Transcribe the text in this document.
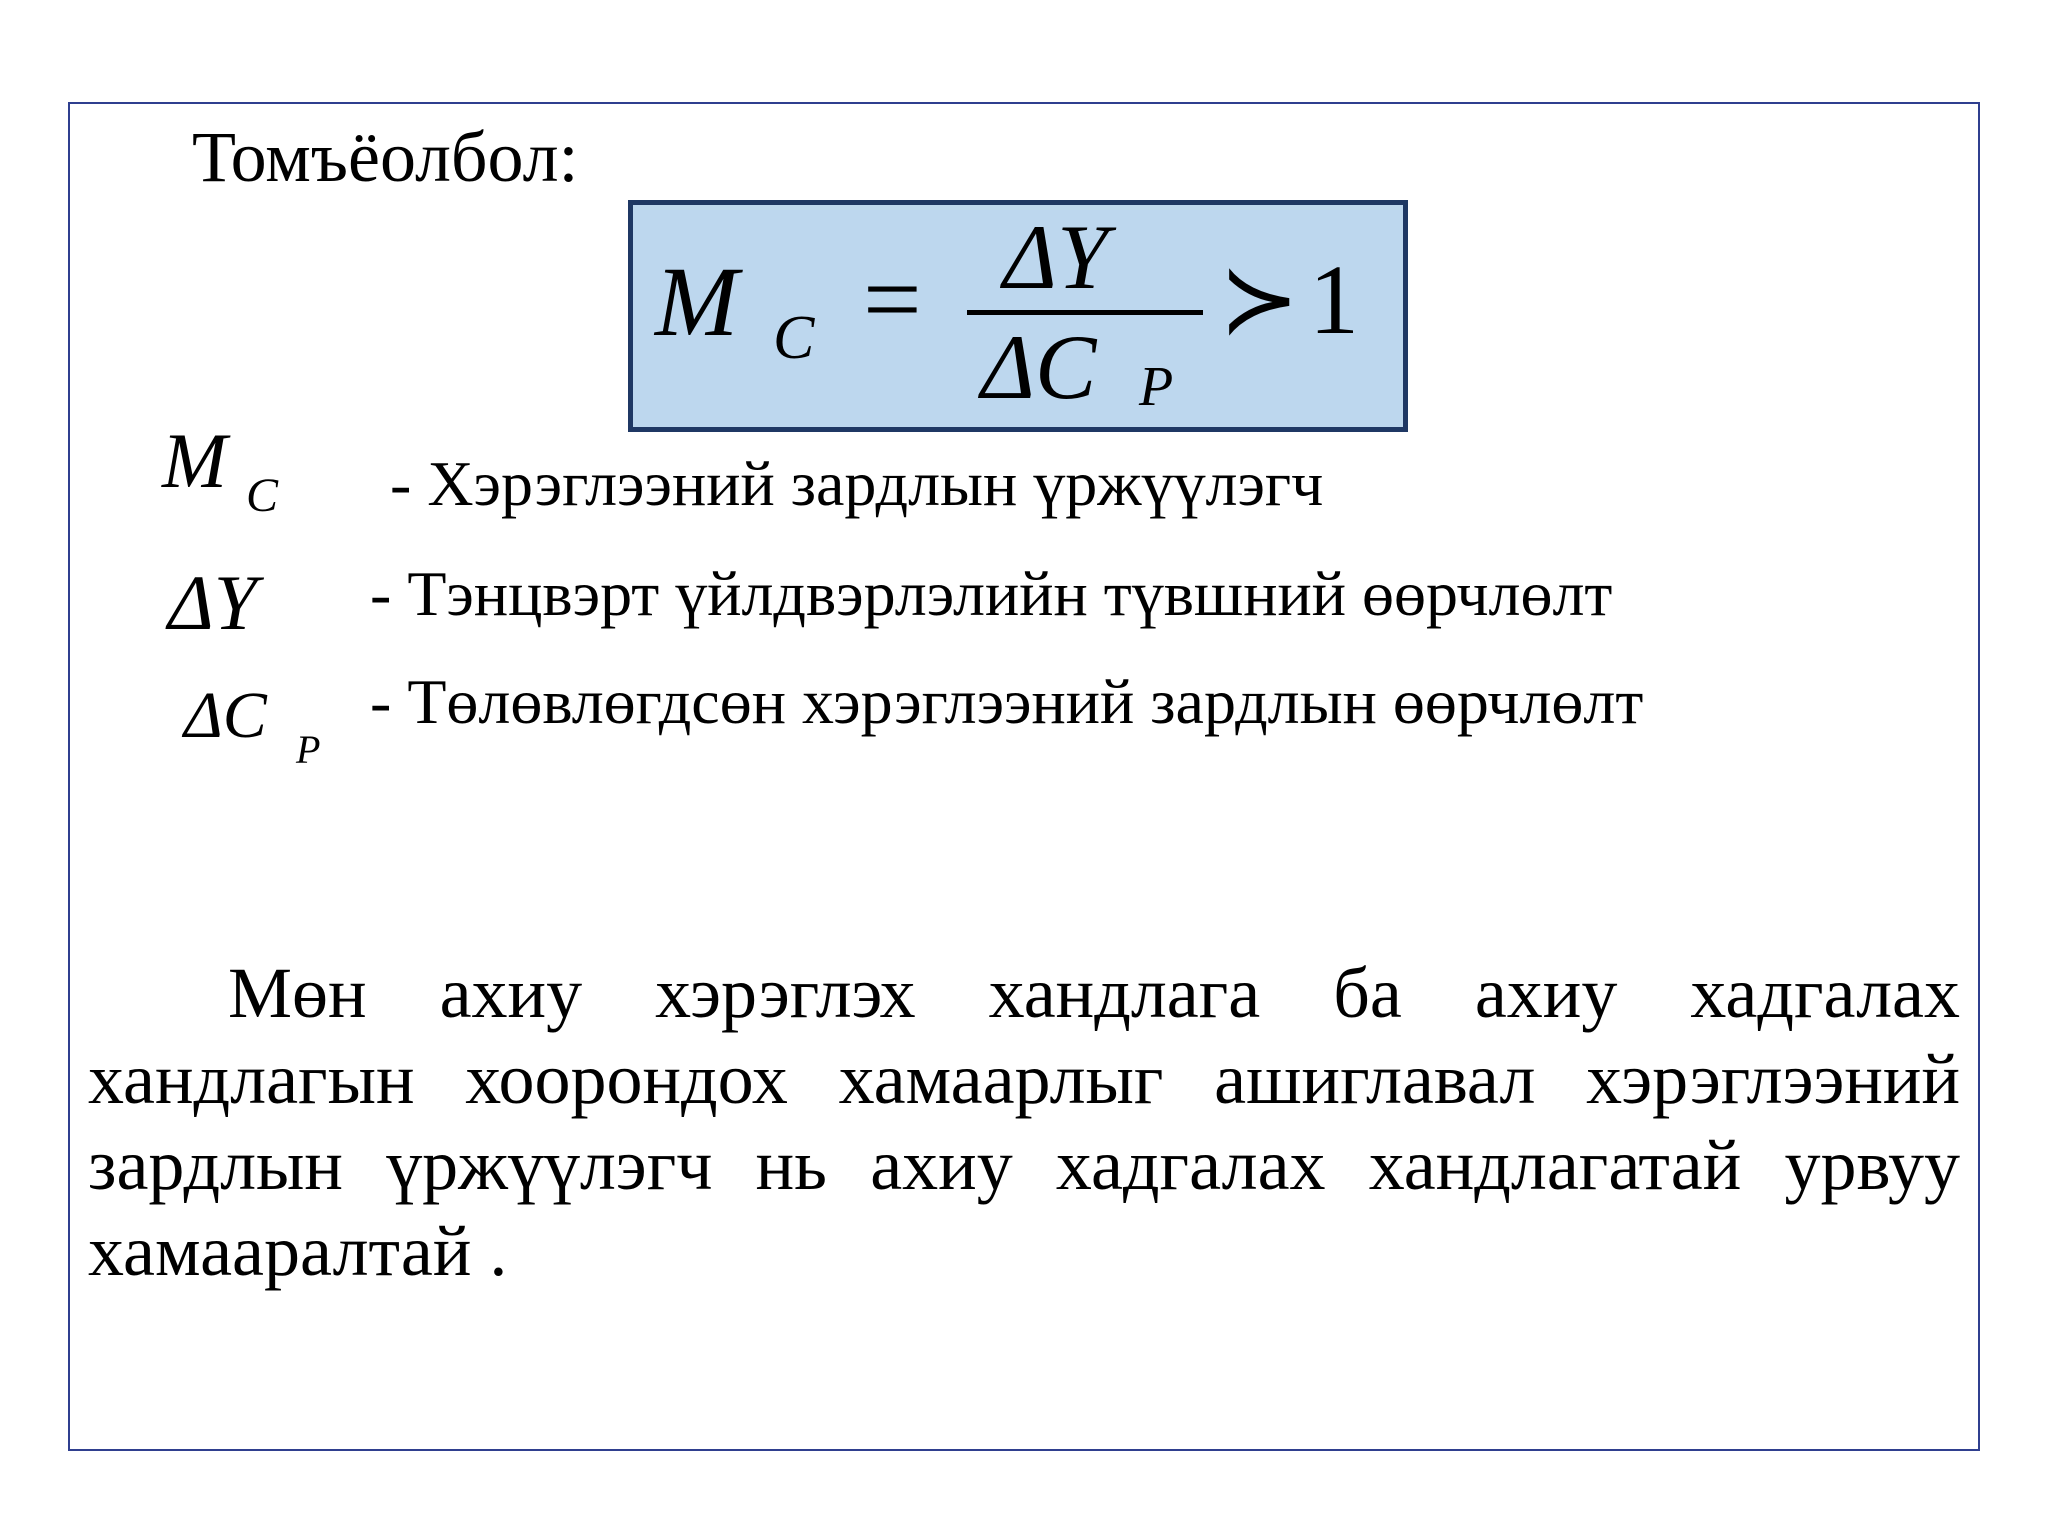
Томъёолбол:
M C = ΔY
ΔC P
≻ 1
M C - Хэрэглээний зардлын үржүүлэгч
ΔY - Тэнцвэрт үйлдвэрлэлийн түвшний өөрчлөлт
ΔC P
- Төлөвлөгдсөн хэрэглээний зардлын өөрчлөлт

Мөн ахиу хэрэглэх хандлага ба ахиу хадгалах хандлагын хоорондох хамаарлыг ашиглавал хэрэглээний зардлын үржүүлэгч нь ахиу хадгалах хандлагатай урвуу хамааралтай .
